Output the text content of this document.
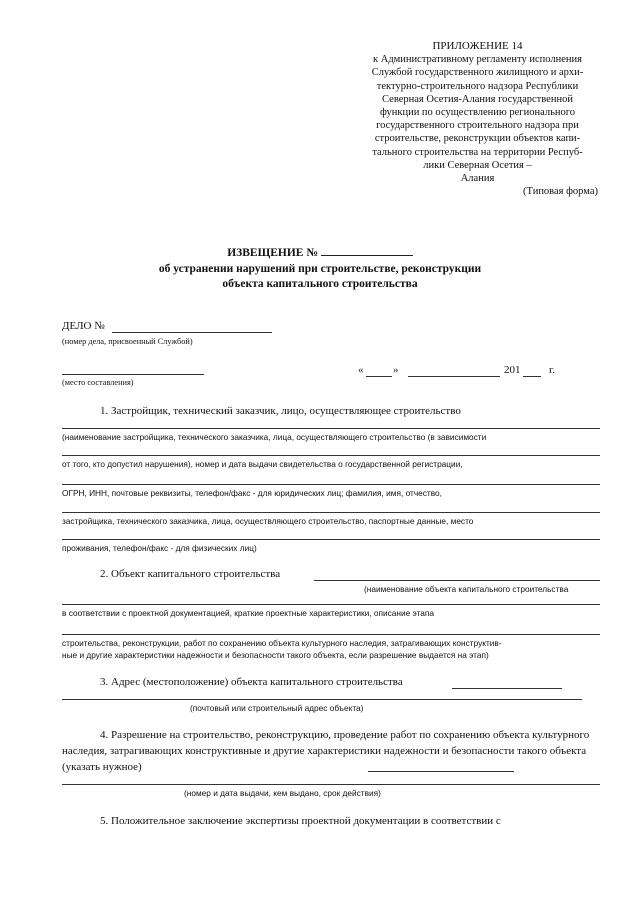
ПРИЛОЖЕНИЕ 14
к Административному регламенту исполнения
Службой государственного жилищного и архи-
тектурно-строительного надзора Республики
Северная Осетия-Алания государственной
функции по осуществлению регионального
государственного строительного надзора при
строительстве, реконструкции объектов капи-
тального строительства на территории Респуб-
лики Северная Осетия –
Алания
(Типовая форма)
ИЗВЕЩЕНИЕ №
об устранении нарушений при строительстве, реконструкции
объекта капитального строительства
ДЕЛО №
(номер дела, присвоенный Службой)
(место составления)
«	»	201	г.
1. Застройщик, технический заказчик, лицо, осуществляющее строительство
(наименование застройщика, технического заказчика, лица, осуществляющего строительство (в зависимости
от того, кто допустил нарушения), номер и дата выдачи свидетельства о государственной регистрации,
ОГРН, ИНН, почтовые реквизиты, телефон/факс - для юридических лиц; фамилия, имя, отчество,
застройщика, технического заказчика, лица, осуществляющего строительство, паспортные данные, место
проживания, телефон/факс - для физических лиц)
2. Объект капитального строительства
(наименование объекта капитального строительства
в соответствии с проектной документацией, краткие проектные характеристики, описание этапа
строительства, реконструкции, работ по сохранению объекта культурного наследия, затрагивающих конструктив-
ные и другие характеристики надежности и безопасности такого объекта, если разрешение выдается на этап)
3. Адрес (местоположение) объекта капитального строительства
(почтовый или строительный адрес объекта)
4. Разрешение на строительство, реконструкцию, проведение работ по сохранению объекта культурного наследия, затрагивающих конструктивные и другие характеристики надежности и безопасности такого объекта (указать нужное)
(номер и дата выдачи, кем выдано, срок действия)
5. Положительное заключение экспертизы проектной документации в соответствии с
